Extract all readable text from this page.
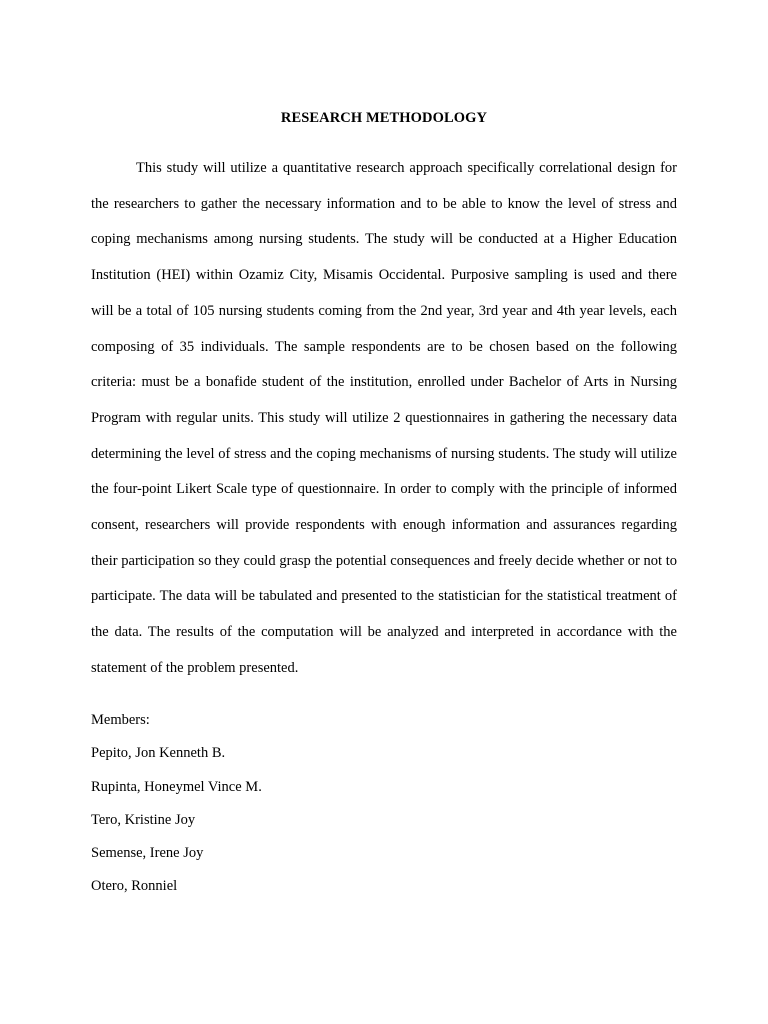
RESEARCH METHODOLOGY

This study will utilize a quantitative research approach specifically correlational design for the researchers to gather the necessary information and to be able to know the level of stress and coping mechanisms among nursing students. The study will be conducted at a Higher Education Institution (HEI) within Ozamiz City, Misamis Occidental. Purposive sampling is used and there will be a total of 105 nursing students coming from the 2nd year, 3rd year and 4th year levels, each composing of 35 individuals. The sample respondents are to be chosen based on the following criteria: must be a bonafide student of the institution, enrolled under Bachelor of Arts in Nursing Program with regular units. This study will utilize 2 questionnaires in gathering the necessary data determining the level of stress and the coping mechanisms of nursing students. The study will utilize the four-point Likert Scale type of questionnaire. In order to comply with the principle of informed consent, researchers will provide respondents with enough information and assurances regarding their participation so they could grasp the potential consequences and freely decide whether or not to participate. The data will be tabulated and presented to the statistician for the statistical treatment of the data. The results of the computation will be analyzed and interpreted in accordance with the statement of the problem presented.

Members:
Pepito, Jon Kenneth B.
Rupinta, Honeymel Vince M.
Tero, Kristine Joy
Semense, Irene Joy
Otero, Ronniel
